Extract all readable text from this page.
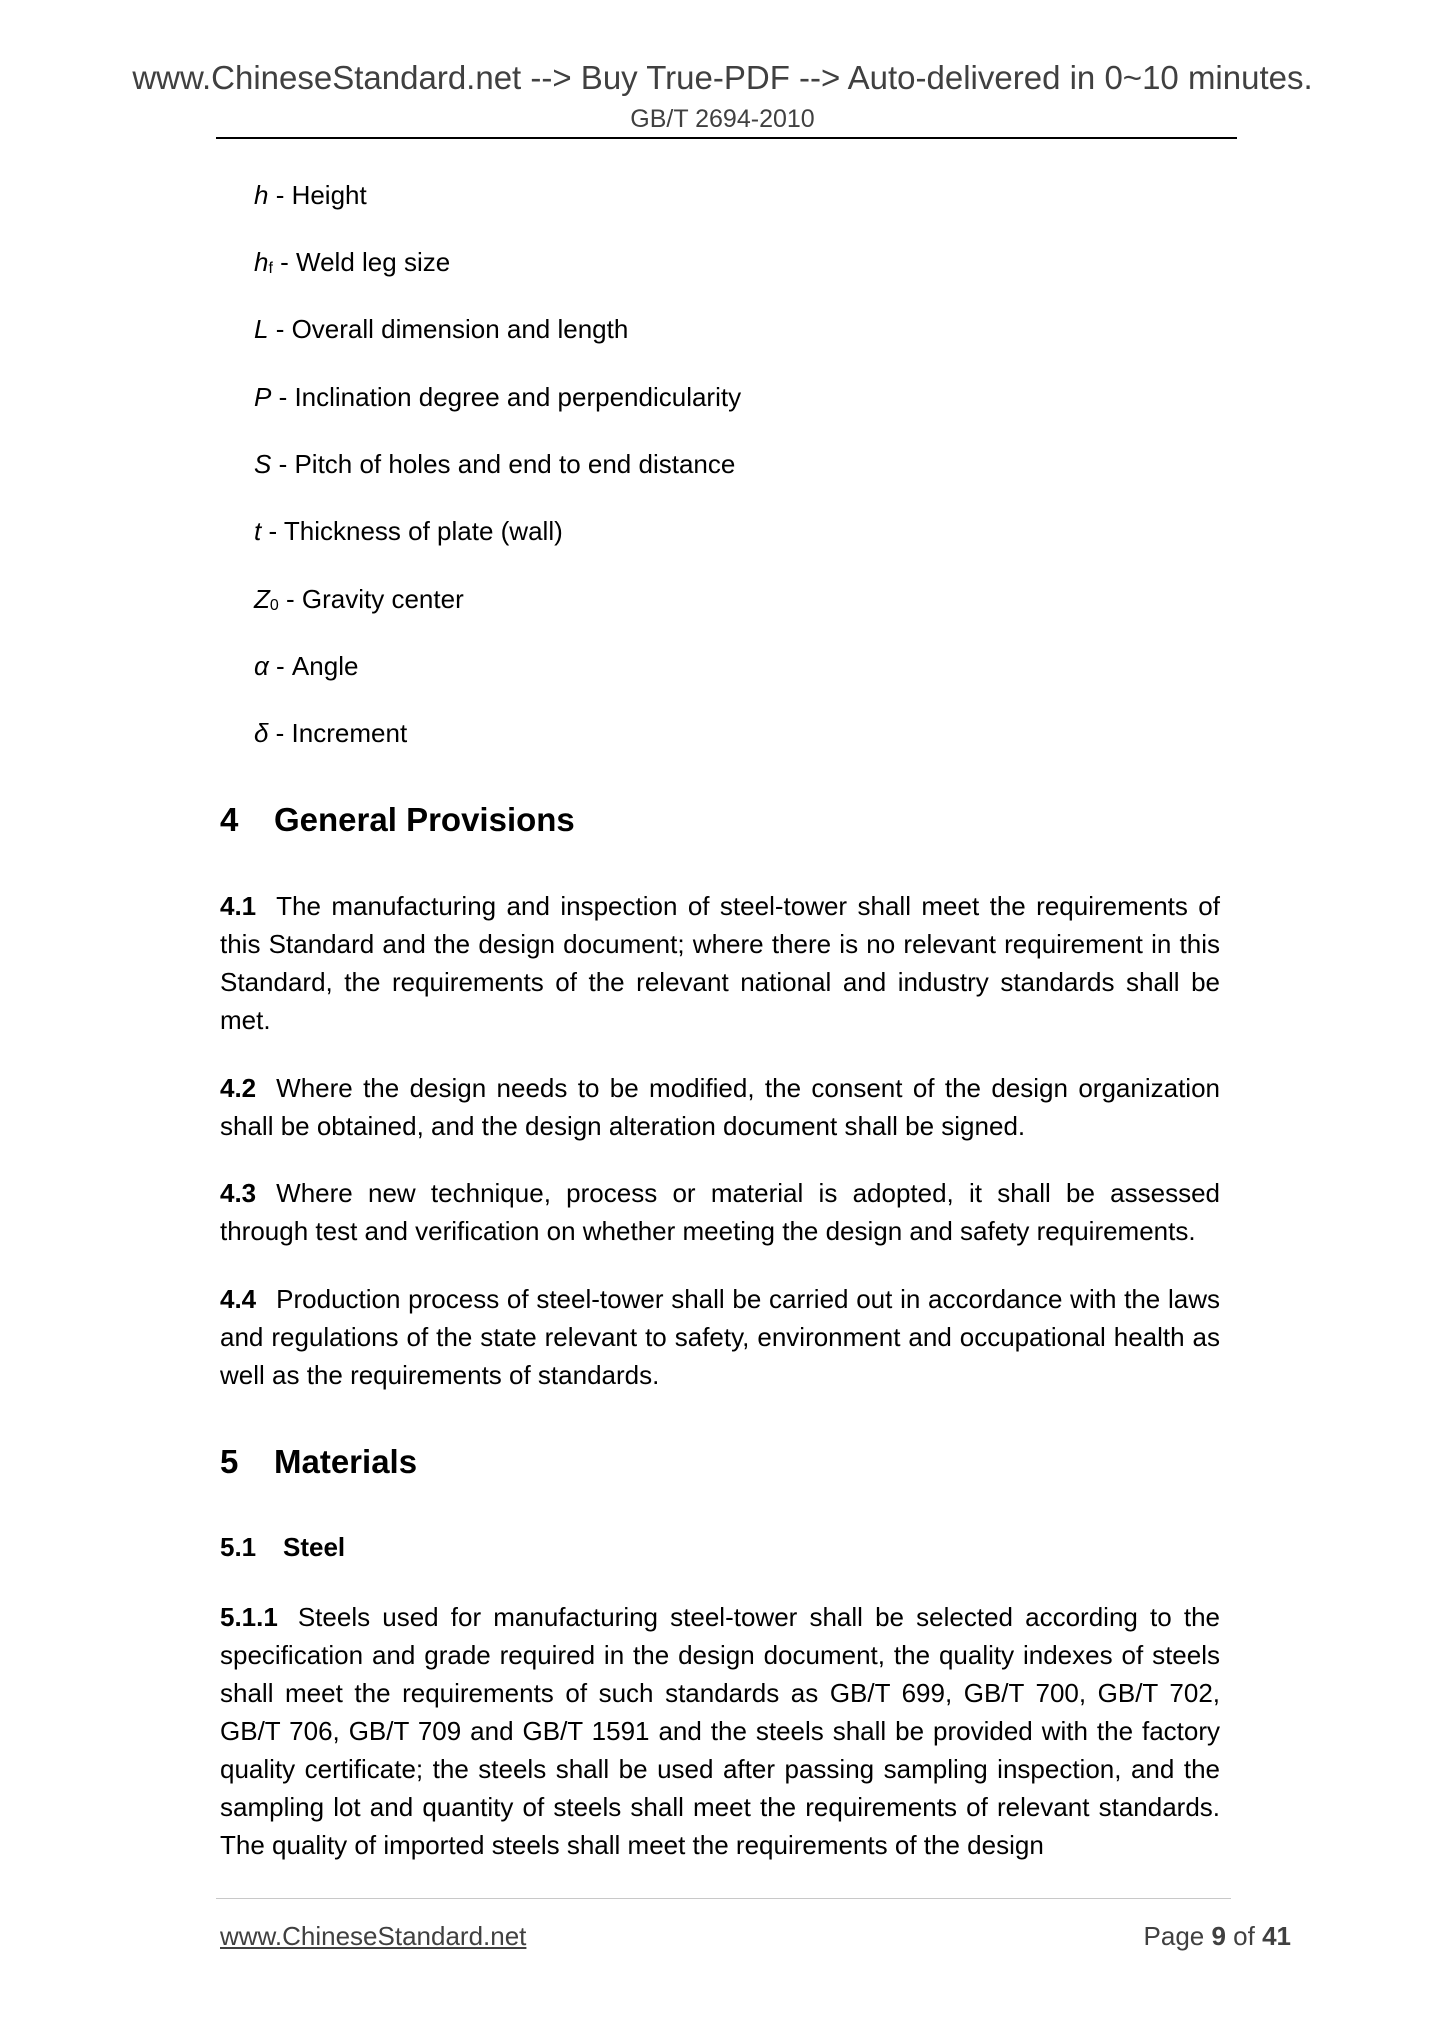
www.ChineseStandard.net --> Buy True-PDF --> Auto-delivered in 0~10 minutes.
GB/T 2694-2010
h - Height
$h_f$ - Weld leg size
L - Overall dimension and length
P - Inclination degree and perpendicularity
S - Pitch of holes and end to end distance
t - Thickness of plate (wall)
$Z_0$ - Gravity center
α - Angle
δ - Increment
4 General Provisions
4.1 The manufacturing and inspection of steel-tower shall meet the requirements of this Standard and the design document; where there is no relevant requirement in this Standard, the requirements of the relevant national and industry standards shall be met.
4.2 Where the design needs to be modified, the consent of the design organization shall be obtained, and the design alteration document shall be signed.
4.3 Where new technique, process or material is adopted, it shall be assessed through test and verification on whether meeting the design and safety requirements.
4.4 Production process of steel-tower shall be carried out in accordance with the laws and regulations of the state relevant to safety, environment and occupational health as well as the requirements of standards.
5 Materials
5.1 Steel
5.1.1 Steels used for manufacturing steel-tower shall be selected according to the specification and grade required in the design document, the quality indexes of steels shall meet the requirements of such standards as GB/T 699, GB/T 700, GB/T 702, GB/T 706, GB/T 709 and GB/T 1591 and the steels shall be provided with the factory quality certificate; the steels shall be used after passing sampling inspection, and the sampling lot and quantity of steels shall meet the requirements of relevant standards. The quality of imported steels shall meet the requirements of the design
www.ChineseStandard.net	Page 9 of 41
